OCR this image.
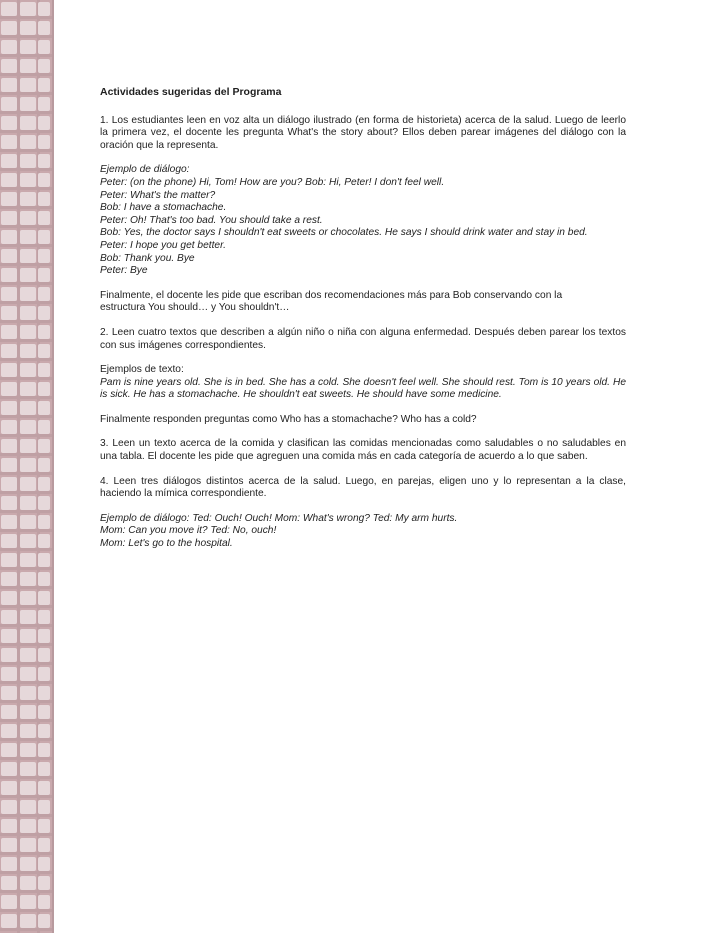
Actividades sugeridas del Programa

1. Los estudiantes leen en voz alta un diálogo ilustrado (en forma de historieta) acerca de la salud. Luego de leerlo la primera vez, el docente les pregunta What's the story about? Ellos deben parear imágenes del diálogo con la oración que la representa.

Ejemplo de diálogo:

Peter: (on the phone) Hi, Tom! How are you? Bob: Hi, Peter! I don't feel well.

Peter: What's the matter?

Bob: I have a stomachache.

Peter: Oh! That's too bad. You should take a rest.

Bob: Yes, the doctor says I shouldn't eat sweets or chocolates. He says I should drink water and stay in bed.

Peter: I hope you get better.

Bob: Thank you. Bye

Peter: Bye

Finalmente, el docente les pide que escriban dos recomendaciones más para Bob conservando con la

estructura You should… y You shouldn't…

2. Leen cuatro textos que describen a algún niño o niña con alguna enfermedad. Después deben parear los textos con sus imágenes correspondientes.

Ejemplos de texto:

Pam is nine years old. She is in bed. She has a cold. She doesn't feel well. She should rest. Tom is 10 years old. He is sick. He has a stomachache. He shouldn't eat sweets. He should have some medicine.

Finalmente responden preguntas como Who has a stomachache? Who has a cold?

3. Leen un texto acerca de la comida y clasifican las comidas mencionadas como saludables o no saludables en una tabla. El docente les pide que agreguen una comida más en cada categoría de acuerdo a lo que saben.

4. Leen tres diálogos distintos acerca de la salud. Luego, en parejas, eligen uno y lo representan a la clase, haciendo la mímica correspondiente.

Ejemplo de diálogo: Ted: Ouch! Ouch! Mom: What's wrong? Ted: My arm hurts.

Mom: Can you move it? Ted: No, ouch!

Mom: Let's go to the hospital.
